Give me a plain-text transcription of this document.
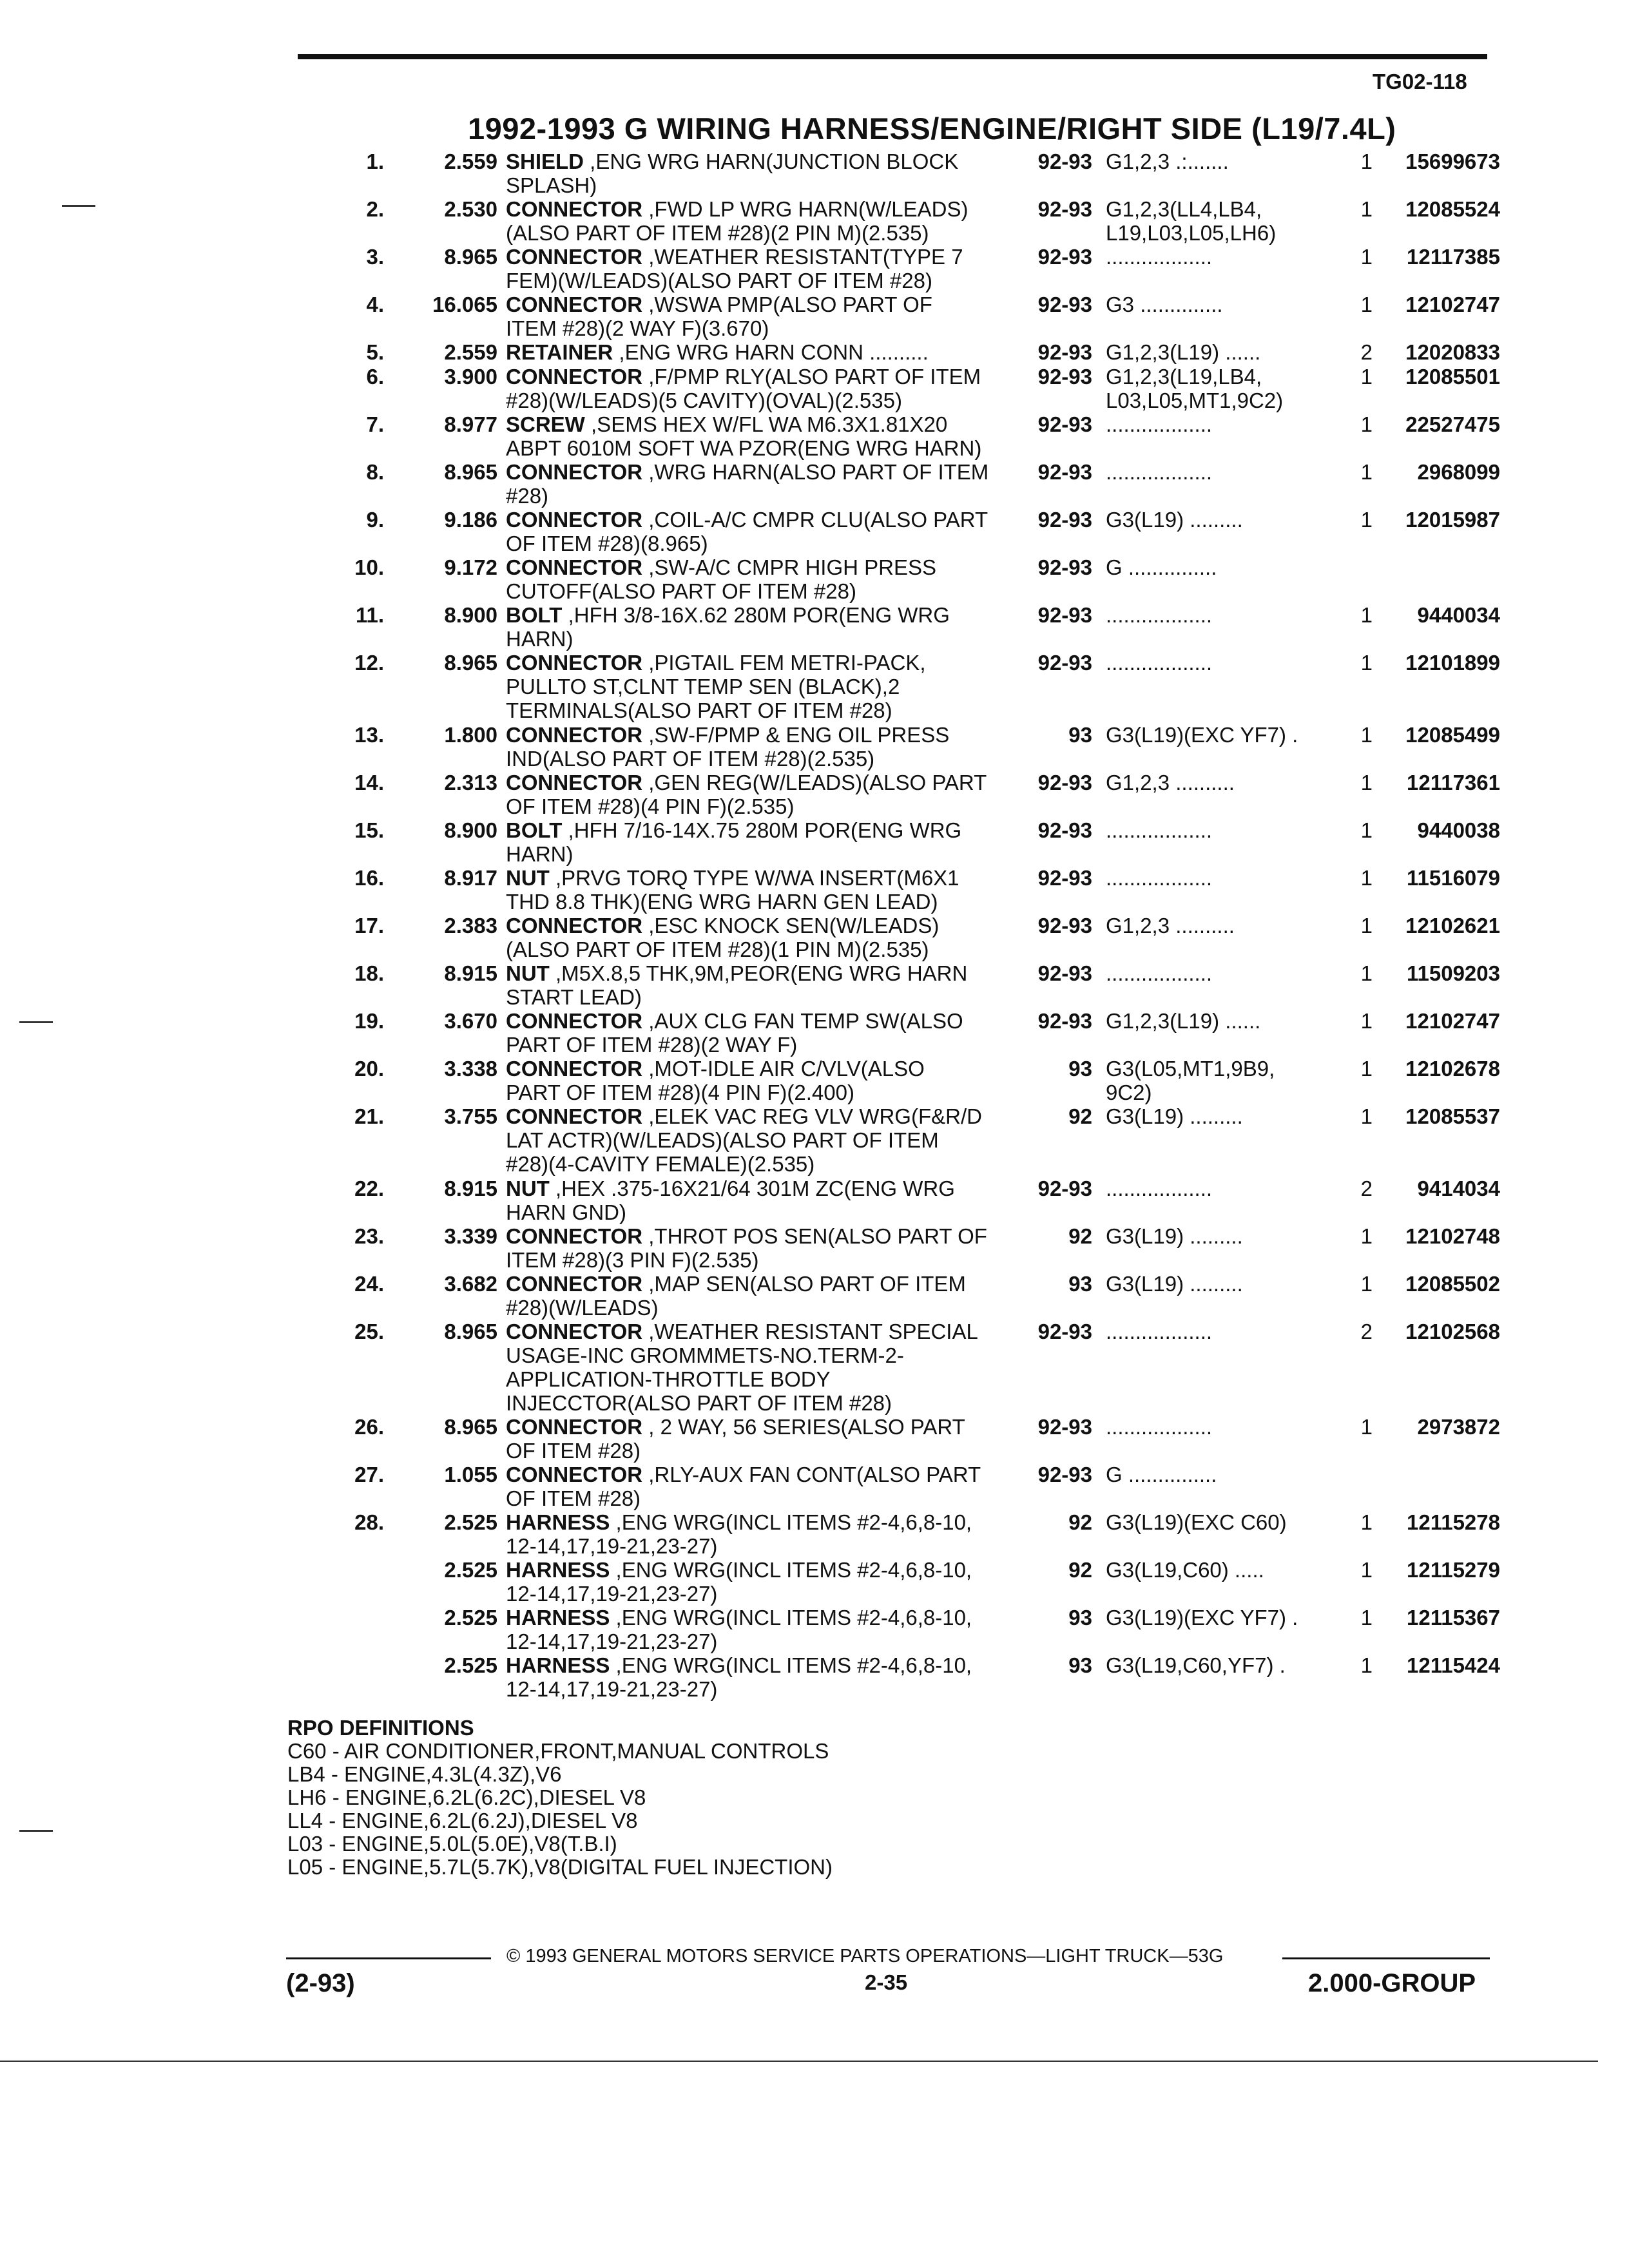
TG02-118
1992-1993 G WIRING HARNESS/ENGINE/RIGHT SIDE (L19/7.4L)
1.	2.559 SHIELD ,ENG WRG HARN(JUNCTION BLOCK
SPLASH)
92-93 G1,2,3 .:.......	1	15699673
2.	2.530 CONNECTOR ,FWD LP WRG HARN(W/LEADS)
(ALSO PART OF ITEM #28)(2 PIN M)(2.535)
92-93 G1,2,3(LL4,LB4,
L19,L03,L05,LH6)
1	12085524
3.	8.965 CONNECTOR ,WEATHER RESISTANT(TYPE 7
FEM)(W/LEADS)(ALSO PART OF ITEM #28)
92-93 ..................	1	12117385
4.	16.065 CONNECTOR ,WSWA PMP(ALSO PART OF
ITEM #28)(2 WAY F)(3.670)
92-93 G3 ..............	1	12102747
5.	2.559 RETAINER ,ENG WRG HARN CONN ..........	92-93 G1,2,3(L19) ......	2	12020833
6.	3.900 CONNECTOR ,F/PMP RLY(ALSO PART OF ITEM
#28)(W/LEADS)(5 CAVITY)(OVAL)(2.535)
92-93 G1,2,3(L19,LB4,
L03,L05,MT1,9C2)
1	12085501
7.	8.977 SCREW ,SEMS HEX W/FL WA M6.3X1.81X20
ABPT 6010M SOFT WA PZOR(ENG WRG HARN)
92-93 ..................	1	22527475
8.	8.965 CONNECTOR ,WRG HARN(ALSO PART OF ITEM
#28)
92-93 ..................	1	2968099
9.	9.186 CONNECTOR ,COIL-A/C CMPR CLU(ALSO PART
OF ITEM #28)(8.965)
92-93 G3(L19) .........	1	12015987
10.	9.172 CONNECTOR ,SW-A/C CMPR HIGH PRESS
CUTOFF(ALSO PART OF ITEM #28)
92-93 G ...............
11.	8.900 BOLT ,HFH 3/8-16X.62 280M POR(ENG WRG
HARN)
92-93 ..................	1	9440034
12.	8.965 CONNECTOR ,PIGTAIL FEM METRI-PACK,
PULLTO ST,CLNT TEMP SEN (BLACK),2
TERMINALS(ALSO PART OF ITEM #28)
92-93 ..................	1	12101899
13.	1.800 CONNECTOR ,SW-F/PMP & ENG OIL PRESS
IND(ALSO PART OF ITEM #28)(2.535)
93 G3(L19)(EXC YF7) .	1	12085499
14.	2.313 CONNECTOR ,GEN REG(W/LEADS)(ALSO PART
OF ITEM #28)(4 PIN F)(2.535)
92-93 G1,2,3 ..........	1	12117361
15.	8.900 BOLT ,HFH 7/16-14X.75 280M POR(ENG WRG
HARN)
92-93 ..................	1	9440038
16.	8.917 NUT ,PRVG TORQ TYPE W/WA INSERT(M6X1
THD 8.8 THK)(ENG WRG HARN GEN LEAD)
92-93 ..................	1	11516079
17.	2.383 CONNECTOR ,ESC KNOCK SEN(W/LEADS)
(ALSO PART OF ITEM #28)(1 PIN M)(2.535)
92-93 G1,2,3 ..........	1	12102621
18.	8.915 NUT ,M5X.8,5 THK,9M,PEOR(ENG WRG HARN
START LEAD)
92-93 ..................	1	11509203
19.	3.670 CONNECTOR ,AUX CLG FAN TEMP SW(ALSO
PART OF ITEM #28)(2 WAY F)
92-93 G1,2,3(L19) ......	1	12102747
20.	3.338 CONNECTOR ,MOT-IDLE AIR C/VLV(ALSO
PART OF ITEM #28)(4 PIN F)(2.400)
93 G3(L05,MT1,9B9,
9C2)
1	12102678
21.	3.755 CONNECTOR ,ELEK VAC REG VLV WRG(F&R/D
LAT ACTR)(W/LEADS)(ALSO PART OF ITEM
#28)(4-CAVITY FEMALE)(2.535)
92 G3(L19) .........	1	12085537
22.	8.915 NUT ,HEX .375-16X21/64 301M ZC(ENG WRG
HARN GND)
92-93 ..................	2	9414034
23.	3.339 CONNECTOR ,THROT POS SEN(ALSO PART OF
ITEM #28)(3 PIN F)(2.535)
92 G3(L19) .........	1	12102748
24.	3.682 CONNECTOR ,MAP SEN(ALSO PART OF ITEM
#28)(W/LEADS)
93 G3(L19) .........	1	12085502
25.	8.965 CONNECTOR ,WEATHER RESISTANT SPECIAL
USAGE-INC GROMMMETS-NO.TERM-2-
APPLICATION-THROTTLE BODY
INJECCTOR(ALSO PART OF ITEM #28)
92-93 ..................	2	12102568
26.	8.965 CONNECTOR , 2 WAY, 56 SERIES(ALSO PART
OF ITEM #28)
92-93 ..................	1	2973872
27.	1.055 CONNECTOR ,RLY-AUX FAN CONT(ALSO PART
OF ITEM #28)
92-93 G ...............
28.	2.525 HARNESS ,ENG WRG(INCL ITEMS #2-4,6,8-10,
12-14,17,19-21,23-27)
92 G3(L19)(EXC C60)	1	12115278
2.525 HARNESS ,ENG WRG(INCL ITEMS #2-4,6,8-10,
12-14,17,19-21,23-27)
92 G3(L19,C60) .....	1	12115279
2.525 HARNESS ,ENG WRG(INCL ITEMS #2-4,6,8-10,
12-14,17,19-21,23-27)
93 G3(L19)(EXC YF7) .	1	12115367
2.525 HARNESS ,ENG WRG(INCL ITEMS #2-4,6,8-10,
12-14,17,19-21,23-27)
93 G3(L19,C60,YF7) .	1	12115424
RPO DEFINITIONS
C60 - AIR CONDITIONER,FRONT,MANUAL CONTROLS
LB4 - ENGINE,4.3L(4.3Z),V6
LH6 - ENGINE,6.2L(6.2C),DIESEL V8
LL4 - ENGINE,6.2L(6.2J),DIESEL V8
L03 - ENGINE,5.0L(5.0E),V8(T.B.I)
L05 - ENGINE,5.7L(5.7K),V8(DIGITAL FUEL INJECTION)
© 1993 GENERAL MOTORS SERVICE PARTS OPERATIONS—LIGHT TRUCK—53G
(2-93)	2-35	2.000-GROUP
